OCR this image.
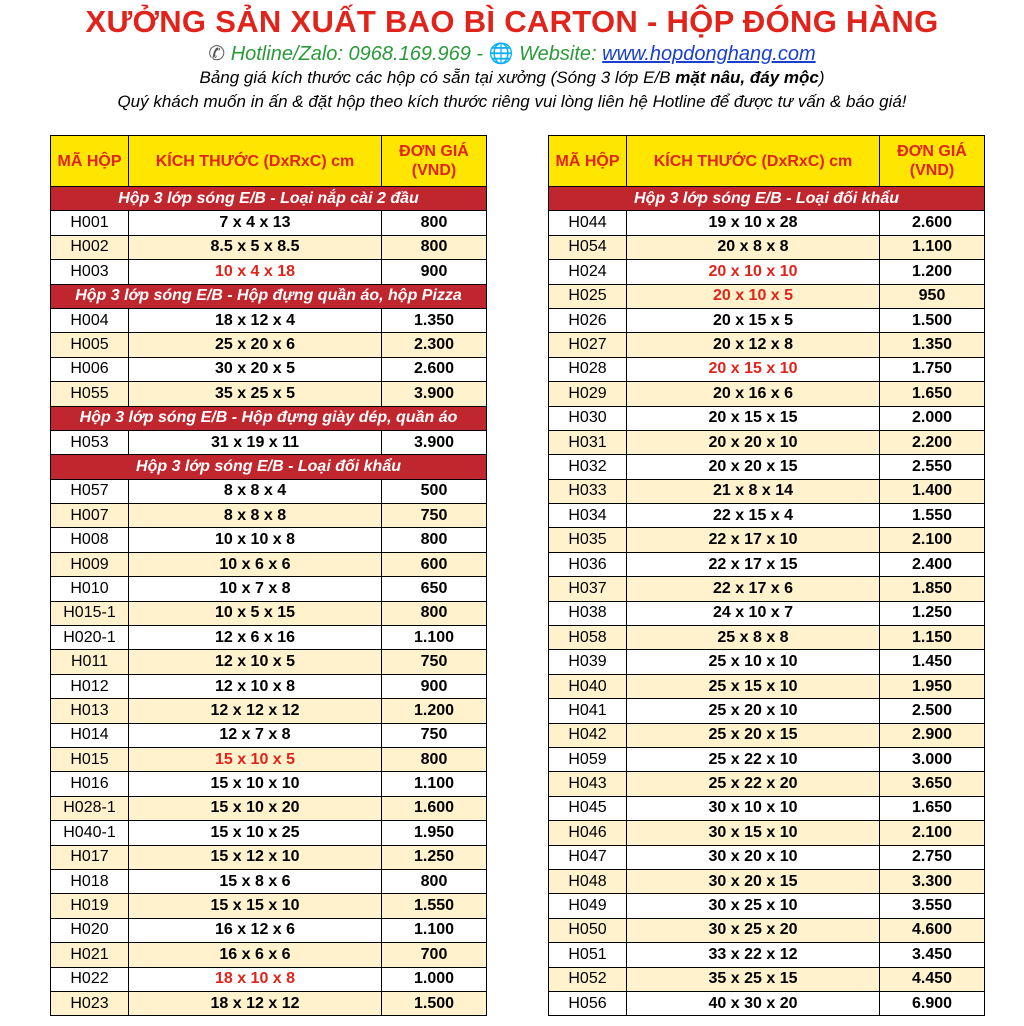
XƯỞNG SẢN XUẤT BAO BÌ CARTON - HỘP ĐÓNG HÀNG
✆ Hotline/Zalo: 0968.169.969 - 🌐 Website: www.hopdonghang.com
Bảng giá kích thước các hộp có sẵn tại xưởng (Sóng 3 lớp E/B mặt nâu, đáy mộc)
Quý khách muốn in ấn & đặt hộp theo kích thước riêng vui lòng liên hệ Hotline để được tư vấn & báo giá!
MÃ HỘP	KÍCH THƯỚC (DxRxC) cm	ĐƠN GIÁ (VND)
Hộp 3 lớp sóng E/B - Loại nắp cài 2 đầu		
H001	7 x 4 x 13	800
H002	8.5 x 5 x 8.5	800
H003	10 x 4 x 18	900
Hộp 3 lớp sóng E/B - Hộp đựng quần áo, hộp Pizza		
H004	18 x 12 x 4	1.350
H005	25 x 20 x 6	2.300
H006	30 x 20 x 5	2.600
H055	35 x 25 x 5	3.900
Hộp 3 lớp sóng E/B - Hộp đựng giày dép, quần áo		
H053	31 x 19 x 11	3.900
Hộp 3 lớp sóng E/B - Loại đối khẩu		
H057	8 x 8 x 4	500
H007	8 x 8 x 8	750
H008	10 x 10 x 8	800
H009	10 x 6 x 6	600
H010	10 x 7 x 8	650
H015-1	10 x 5 x 15	800
H020-1	12 x 6 x 16	1.100
H011	12 x 10 x 5	750
H012	12 x 10 x 8	900
H013	12 x 12 x 12	1.200
H014	12 x 7 x 8	750
H015	15 x 10 x 5	800
H016	15 x 10 x 10	1.100
H028-1	15 x 10 x 20	1.600
H040-1	15 x 10 x 25	1.950
H017	15 x 12 x 10	1.250
H018	15 x 8 x 6	800
H019	15 x 15 x 10	1.550
H020	16 x 12 x 6	1.100
H021	16 x 6 x 6	700
H022	18 x 10 x 8	1.000
H023	18 x 12 x 12	1.500
MÃ HỘP	KÍCH THƯỚC (DxRxC) cm	ĐƠN GIÁ (VND)
Hộp 3 lớp sóng E/B - Loại đối khẩu		
H044	19 x 10 x 28	2.600
H054	20 x 8 x 8	1.100
H024	20 x 10 x 10	1.200
H025	20 x 10 x 5	950
H026	20 x 15 x 5	1.500
H027	20 x 12 x 8	1.350
H028	20 x 15 x 10	1.750
H029	20 x 16 x 6	1.650
H030	20 x 15 x 15	2.000
H031	20 x 20 x 10	2.200
H032	20 x 20 x 15	2.550
H033	21 x 8 x 14	1.400
H034	22 x 15 x 4	1.550
H035	22 x 17 x 10	2.100
H036	22 x 17 x 15	2.400
H037	22 x 17 x 6	1.850
H038	24 x 10 x 7	1.250
H058	25 x 8 x 8	1.150
H039	25 x 10 x 10	1.450
H040	25 x 15 x 10	1.950
H041	25 x 20 x 10	2.500
H042	25 x 20 x 15	2.900
H059	25 x 22 x 10	3.000
H043	25 x 22 x 20	3.650
H045	30 x 10 x 10	1.650
H046	30 x 15 x 10	2.100
H047	30 x 20 x 10	2.750
H048	30 x 20 x 15	3.300
H049	30 x 25 x 10	3.550
H050	30 x 25 x 20	4.600
H051	33 x 22 x 12	3.450
H052	35 x 25 x 15	4.450
H056	40 x 30 x 20	6.900
